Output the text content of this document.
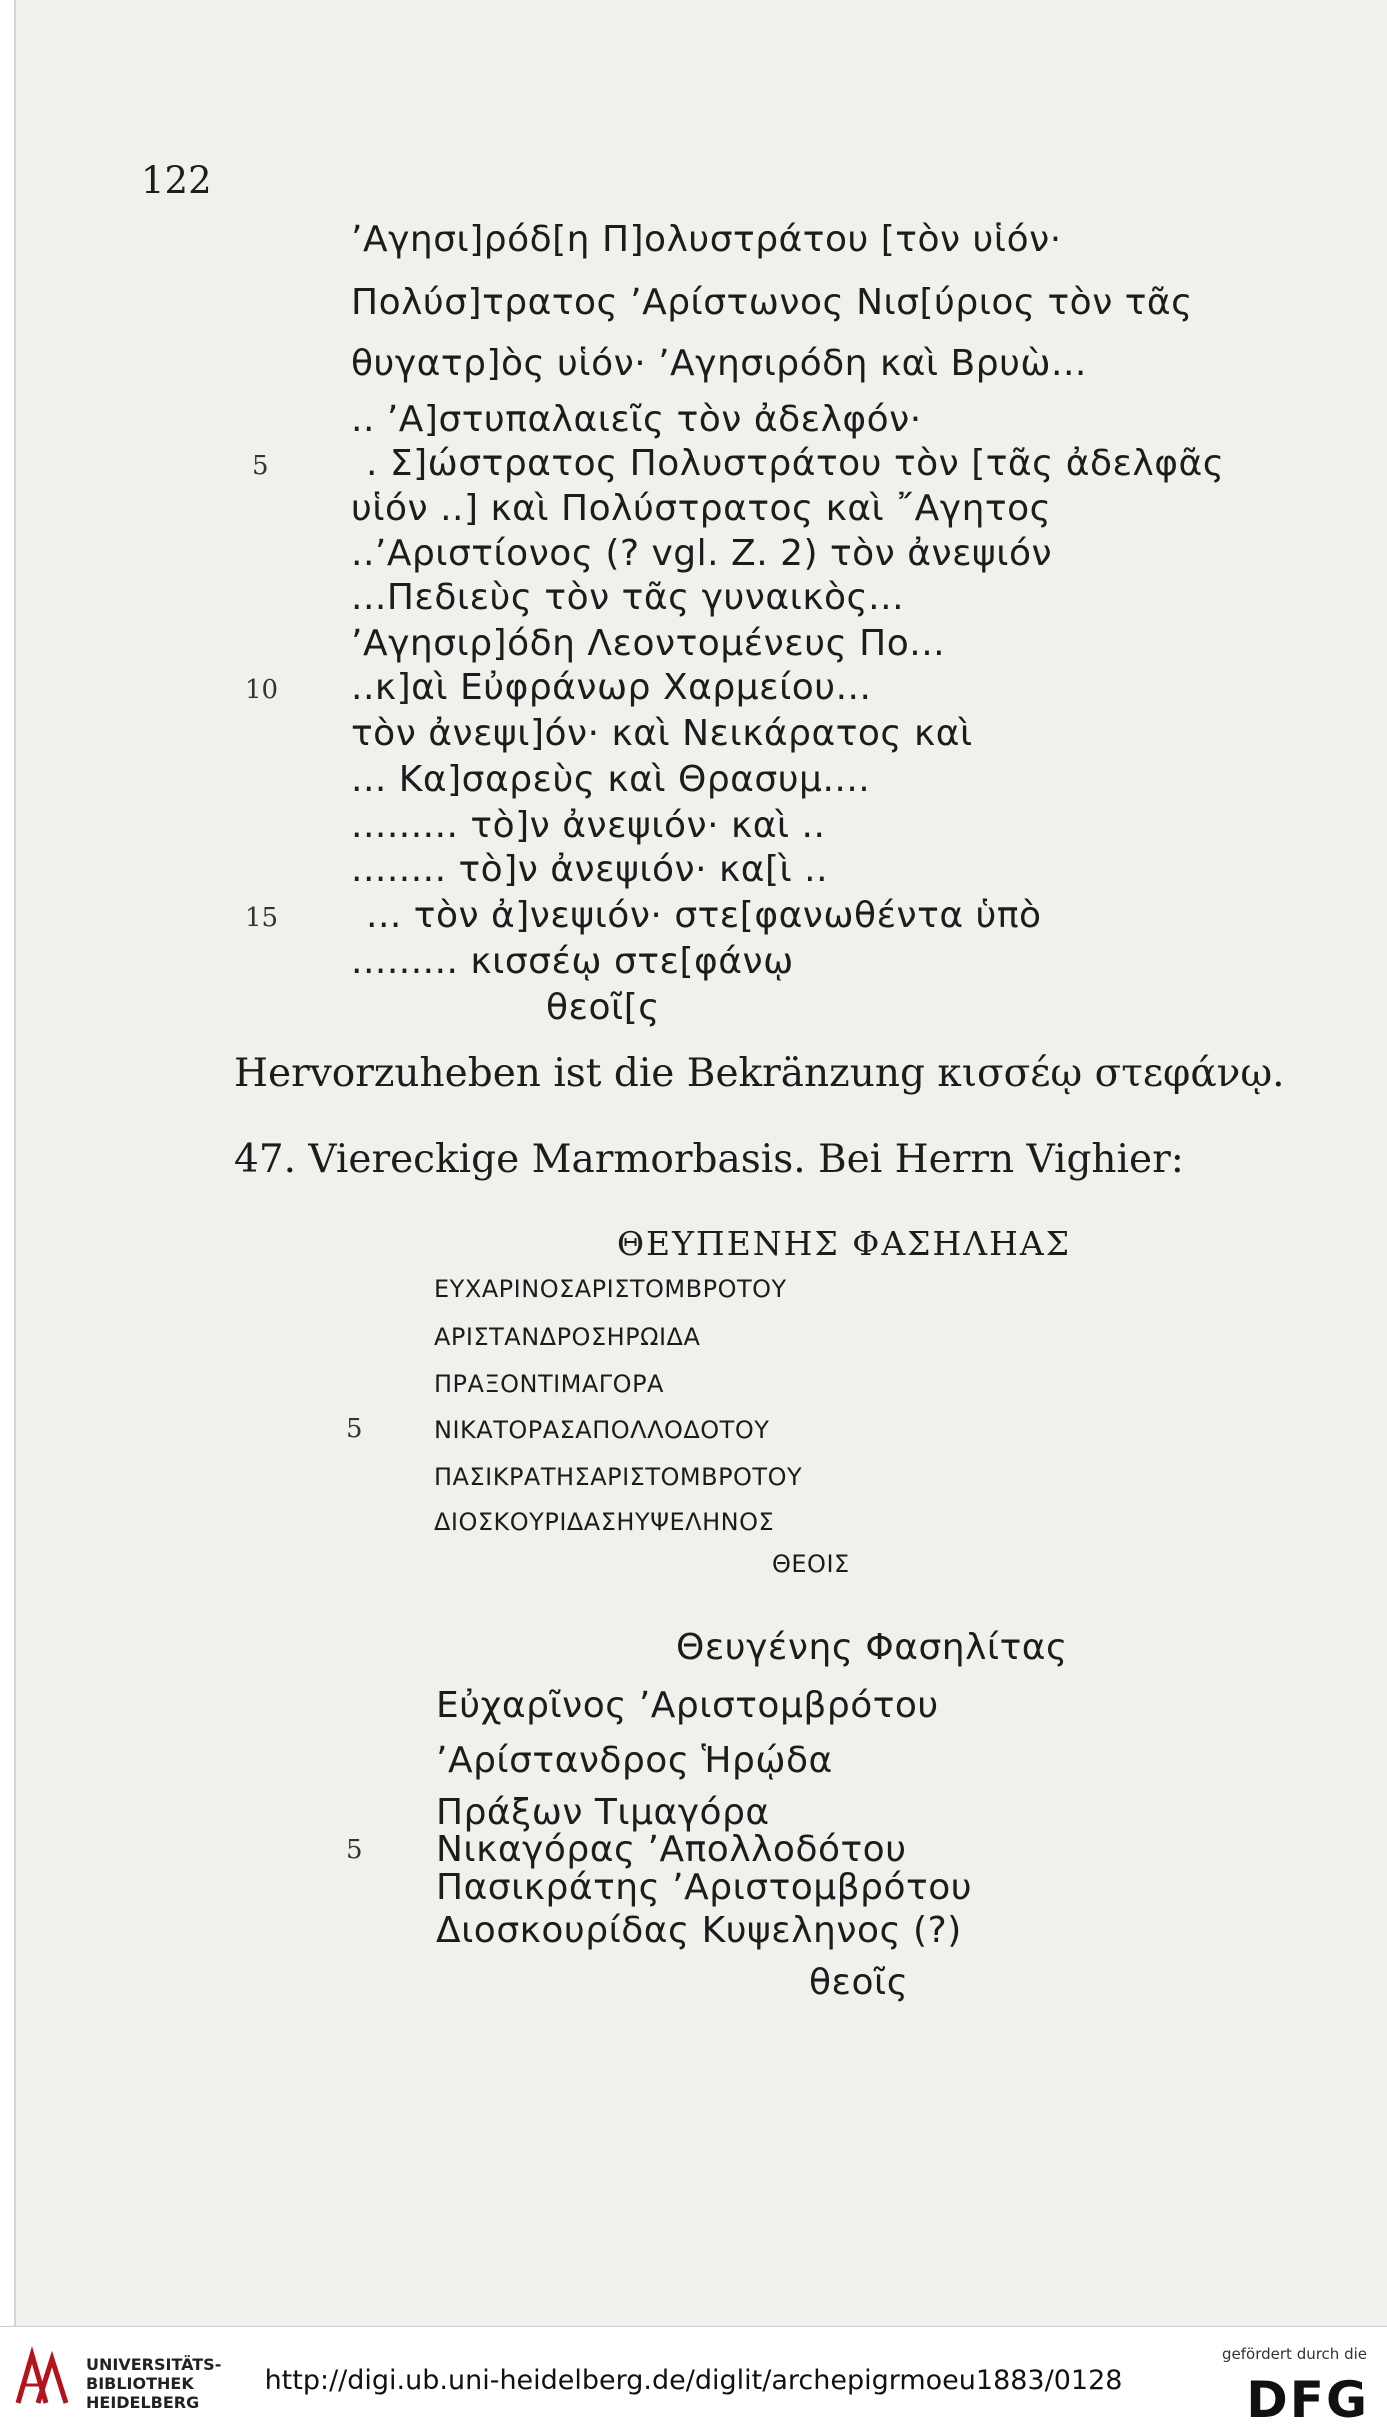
122
’Αγησι]ρόδ[η Π]ολυστράτου [τὸν υἱόν·
Πολύσ]τρατος ’Αρίστωνος Νισ[ύριος τὸν τᾶς
θυγατρ]ὸς υἱόν· ’Αγησιρόδη καὶ Βρυὼ...
.. ’Α]στυπαλαιεῖς τὸν ἀδελφόν·
5	. Σ]ώστρατος Πολυστράτου τὸν [τᾶς ἀδελφᾶς
υἱόν ..] καὶ Πολύστρατος καὶ ῎Αγητος
..’Αριστίονος (? vgl. Z. 2) τὸν ἀνεψιόν
...Πεδιεὺς τὸν τᾶς γυναικὸς...
’Αγησιρ]όδη Λεοντομένευς Πο...
10 ..κ]αὶ Εὐφράνωρ Χαρμείου...
τὸν ἀνεψι]όν· καὶ Νεικάρατος καὶ
... Κα]σαρεὺς καὶ Θρασυμ....
......... τὸ]ν ἀνεψιόν· καὶ ..
........ τὸ]ν ἀνεψιόν· κα[ὶ ..
15 ... τὸν ἀ]νεψιόν· στε[φανωθέντα ὑπὸ
......... κισσέῳ στε[φάνῳ
θεοῖ[ς
Hervorzuheben ist die Bekränzung κισσέῳ στεφάνῳ.
47. Viereckige Marmorbasis. Bei Herrn Vighier:
ΘΕΥΠΕΝΗΣ ΦΑΣΗΛΗΑΣ
ΕΥΧΑΡΙΝΟΣΑΡΙΣΤΟΜΒΡΟΤΟΥ
ΑΡΙΣΤΑΝΔΡΟΣΗΡΩΙΔΑ
ΠΡΑΞΟΝΤΙΜΑΓΟΡΑ
5	ΝΙΚΑΤΟΡΑΣΑΠΟΛΛΟΔΟΤΟΥ
ΠΑΣΙΚΡΑΤΗΣΑΡΙΣΤΟΜΒΡΟΤΟΥ
ΔΙΟΣΚΟΥΡΙΔΑΣΗΥΨΕΛΗΝΟΣ
ΘΕΟΙΣ
Θευγένης Φασηλίτας
Εὐχαρῖνος ’Αριστομβρότου
’Αρίστανδρος Ἡρῴδα
Πράξων Τιμαγόρα
5 Νικαγόρας ’Απολλοδότου
Πασικράτης ’Αριστομβρότου
Διοσκουρίδας Κυψεληνος (?)
θεοῖς
UNIVERSITÄTS-
BIBLIOTHEK
HEIDELBERG
http://digi.ub.uni-heidelberg.de/diglit/archepigrmoeu1883/0128
gefördert durch die
DFG
